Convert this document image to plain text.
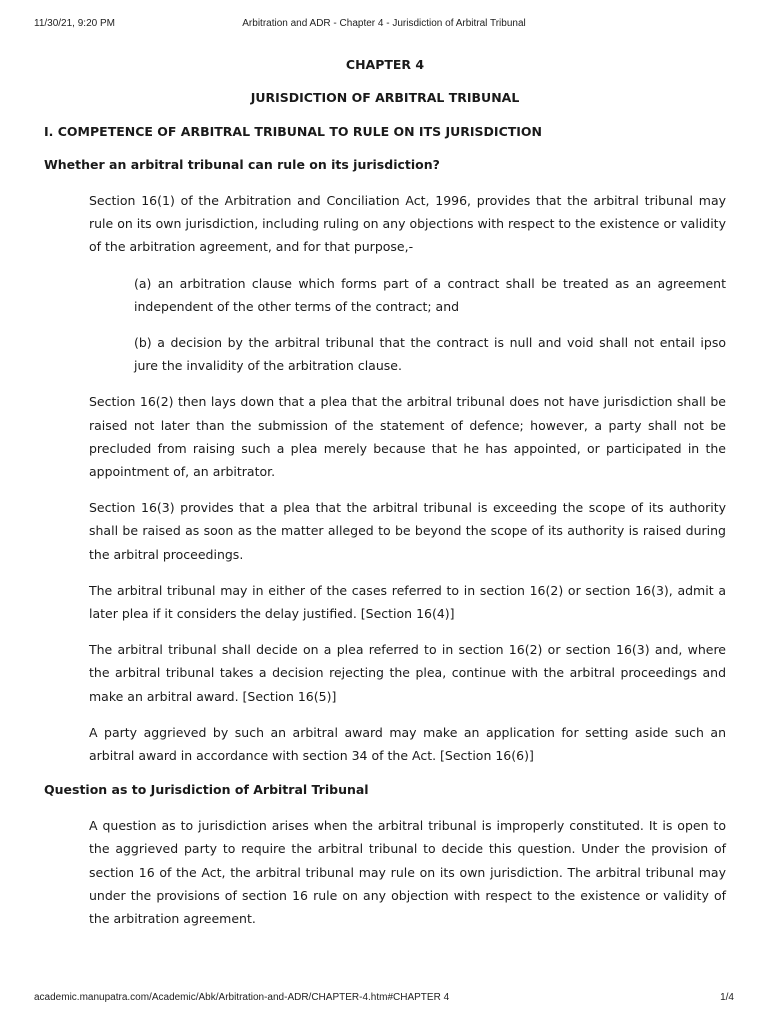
11/30/21, 9:20 PM	Arbitration and ADR - Chapter 4 - Jurisdiction of Arbitral Tribunal
CHAPTER 4
JURISDICTION OF ARBITRAL TRIBUNAL
I. COMPETENCE OF ARBITRAL TRIBUNAL TO RULE ON ITS JURISDICTION
Whether an arbitral tribunal can rule on its jurisdiction?

Section 16(1) of the Arbitration and Conciliation Act, 1996, provides that the arbitral tribunal may rule on its own jurisdiction, including ruling on any objections with respect to the existence or validity of the arbitration agreement, and for that purpose,-

(a) an arbitration clause which forms part of a contract shall be treated as an agreement independent of the other terms of the contract; and

(b) a decision by the arbitral tribunal that the contract is null and void shall not entail ipso jure the invalidity of the arbitration clause.

Section 16(2) then lays down that a plea that the arbitral tribunal does not have jurisdiction shall be raised not later than the submission of the statement of defence; however, a party shall not be precluded from raising such a plea merely because that he has appointed, or participated in the appointment of, an arbitrator.

Section 16(3) provides that a plea that the arbitral tribunal is exceeding the scope of its authority shall be raised as soon as the matter alleged to be beyond the scope of its authority is raised during the arbitral proceedings.

The arbitral tribunal may in either of the cases referred to in section 16(2) or section 16(3), admit a later plea if it considers the delay justified. [Section 16(4)]

The arbitral tribunal shall decide on a plea referred to in section 16(2) or section 16(3) and, where the arbitral tribunal takes a decision rejecting the plea, continue with the arbitral proceedings and make an arbitral award. [Section 16(5)]

A party aggrieved by such an arbitral award may make an application for setting aside such an arbitral award in accordance with section 34 of the Act. [Section 16(6)]

Question as to Jurisdiction of Arbitral Tribunal

A question as to jurisdiction arises when the arbitral tribunal is improperly constituted. It is open to the aggrieved party to require the arbitral tribunal to decide this question. Under the provision of section 16 of the Act, the arbitral tribunal may rule on its own jurisdiction. The arbitral tribunal may under the provisions of section 16 rule on any objection with respect to the existence or validity of the arbitration agreement.

academic.manupatra.com/Academic/Abk/Arbitration-and-ADR/CHAPTER-4.htm#CHAPTER 4	1/4
